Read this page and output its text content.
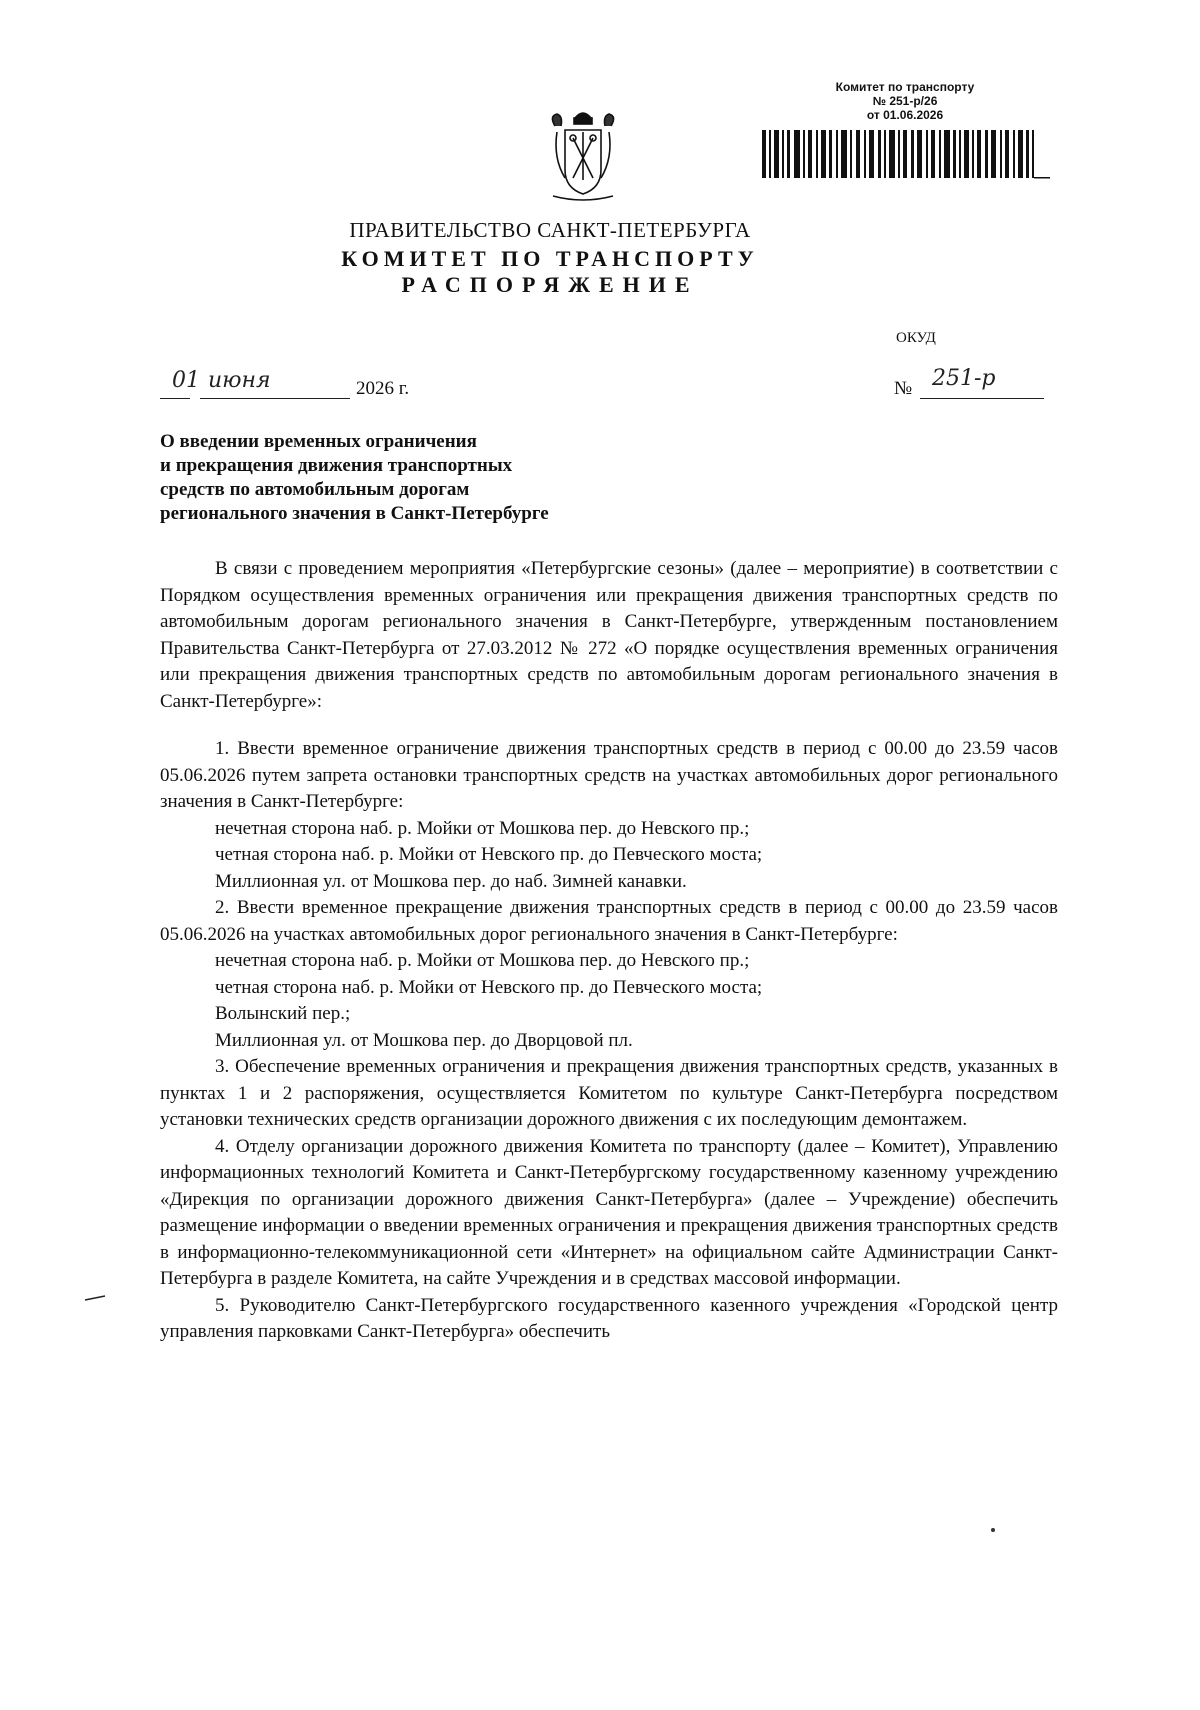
Комитет по транспорту
№ 251-р/26
от 01.06.2026
ПРАВИТЕЛЬСТВО САНКТ-ПЕТЕРБУРГА
КОМИТЕТ ПО ТРАНСПОРТУ
РАСПОРЯЖЕНИЕ
ОКУД
01 июня	2026 г.	№ 251-р
О введении временных ограничения
и прекращения движения транспортных
средств по автомобильным дорогам
регионального значения в Санкт-Петербурге

В связи с проведением мероприятия «Петербургские сезоны» (далее – мероприятие) в соответствии с Порядком осуществления временных ограничения или прекращения движения транспортных средств по автомобильным дорогам регионального значения в Санкт-Петербурге, утвержденным постановлением Правительства Санкт-Петербурга от 27.03.2012 № 272 «О порядке осуществления временных ограничения или прекращения движения транспортных средств по автомобильным дорогам регионального значения в Санкт-Петербурге»:

1. Ввести временное ограничение движения транспортных средств в период с 00.00 до 23.59 часов 05.06.2026 путем запрета остановки транспортных средств на участках автомобильных дорог регионального значения в Санкт-Петербурге:

нечетная сторона наб. р. Мойки от Мошкова пер. до Невского пр.;

четная сторона наб. р. Мойки от Невского пр. до Певческого моста;

Миллионная ул. от Мошкова пер. до наб. Зимней канавки.

2. Ввести временное прекращение движения транспортных средств в период с 00.00 до 23.59 часов 05.06.2026 на участках автомобильных дорог регионального значения в Санкт-Петербурге:

нечетная сторона наб. р. Мойки от Мошкова пер. до Невского пр.;

четная сторона наб. р. Мойки от Невского пр. до Певческого моста;

Волынский пер.;

Миллионная ул. от Мошкова пер. до Дворцовой пл.

3. Обеспечение временных ограничения и прекращения движения транспортных средств, указанных в пунктах 1 и 2 распоряжения, осуществляется Комитетом по культуре Санкт-Петербурга посредством установки технических средств организации дорожного движения с их последующим демонтажем.

4. Отделу организации дорожного движения Комитета по транспорту (далее – Комитет), Управлению информационных технологий Комитета и Санкт-Петербургскому государственному казенному учреждению «Дирекция по организации дорожного движения Санкт-Петербурга» (далее – Учреждение) обеспечить размещение информации о введении временных ограничения и прекращения движения транспортных средств в информационно-телекоммуникационной сети «Интернет» на официальном сайте Администрации Санкт-Петербурга в разделе Комитета, на сайте Учреждения и в средствах массовой информации.

5. Руководителю Санкт-Петербургского государственного казенного учреждения «Городской центр управления парковками Санкт-Петербурга» обеспечить
